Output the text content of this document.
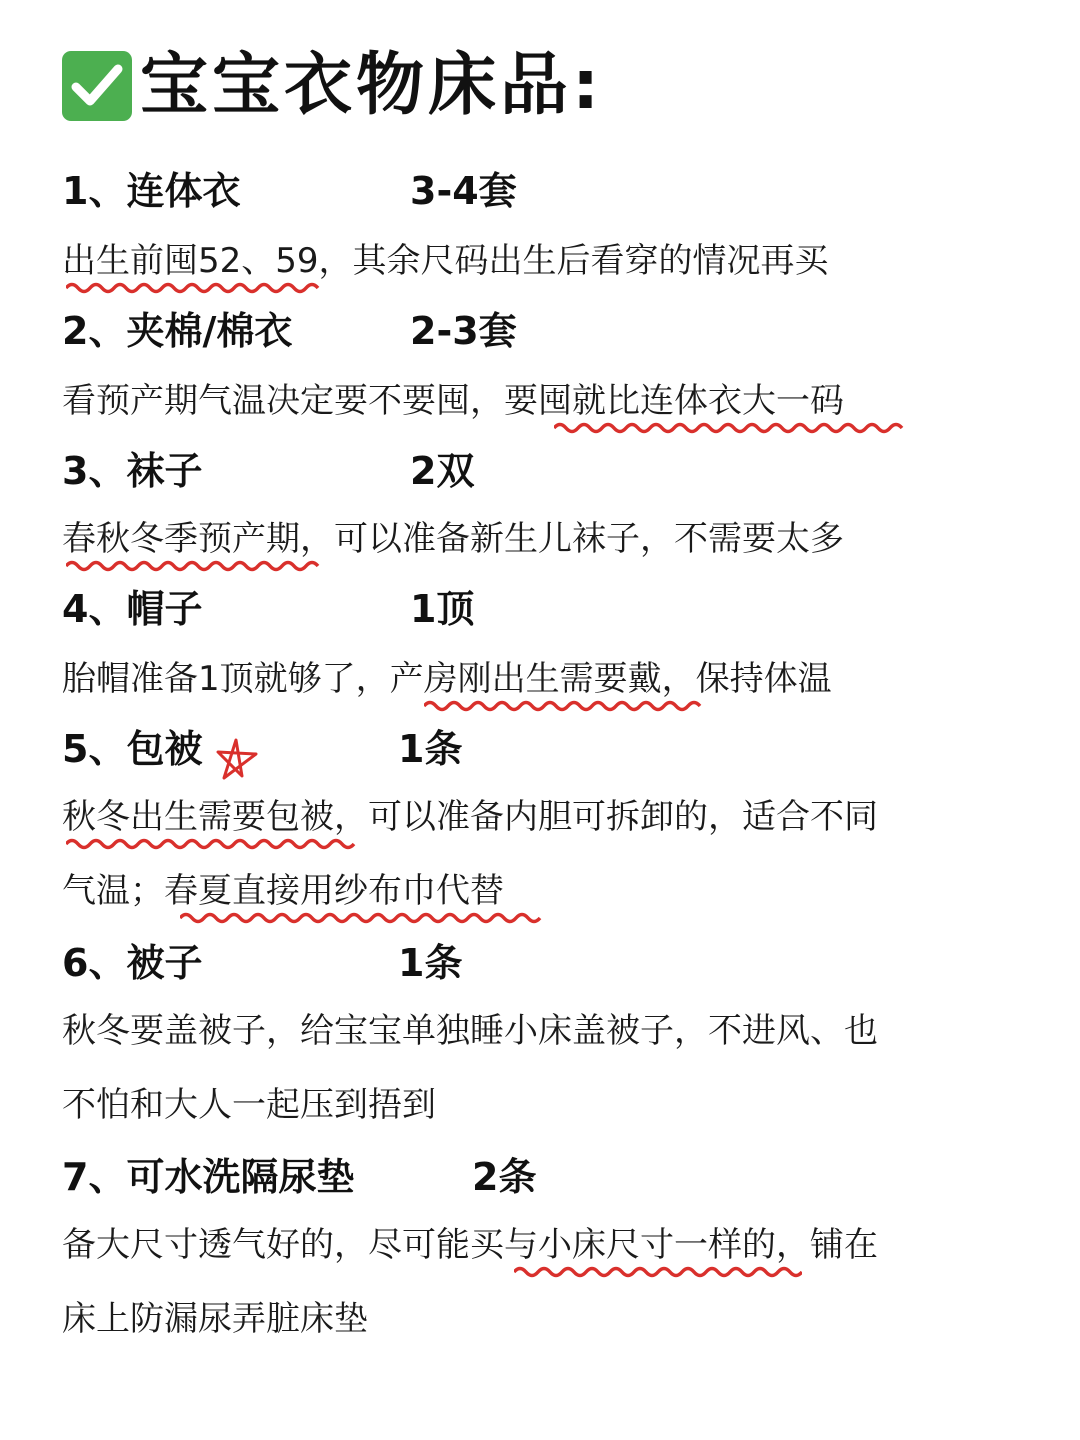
宝宝衣物床品:
1、连体衣	3-4套
出生前囤52、59，其余尺码出生后看穿的情况再买
2、夹棉/棉衣	2-3套
看预产期气温决定要不要囤，要囤就比连体衣大一码
3、袜子	2双
春秋冬季预产期，可以准备新生儿袜子，不需要太多
4、帽子	1顶
胎帽准备1顶就够了，产房刚出生需要戴，保持体温
5、包被	1条
秋冬出生需要包被，可以准备内胆可拆卸的，适合不同
气温；春夏直接用纱布巾代替
6、被子	1条
秋冬要盖被子，给宝宝单独睡小床盖被子，不进风、也
不怕和大人一起压到捂到
7、可水洗隔尿垫	2条
备大尺寸透气好的，尽可能买与小床尺寸一样的，铺在
床上防漏尿弄脏床垫
